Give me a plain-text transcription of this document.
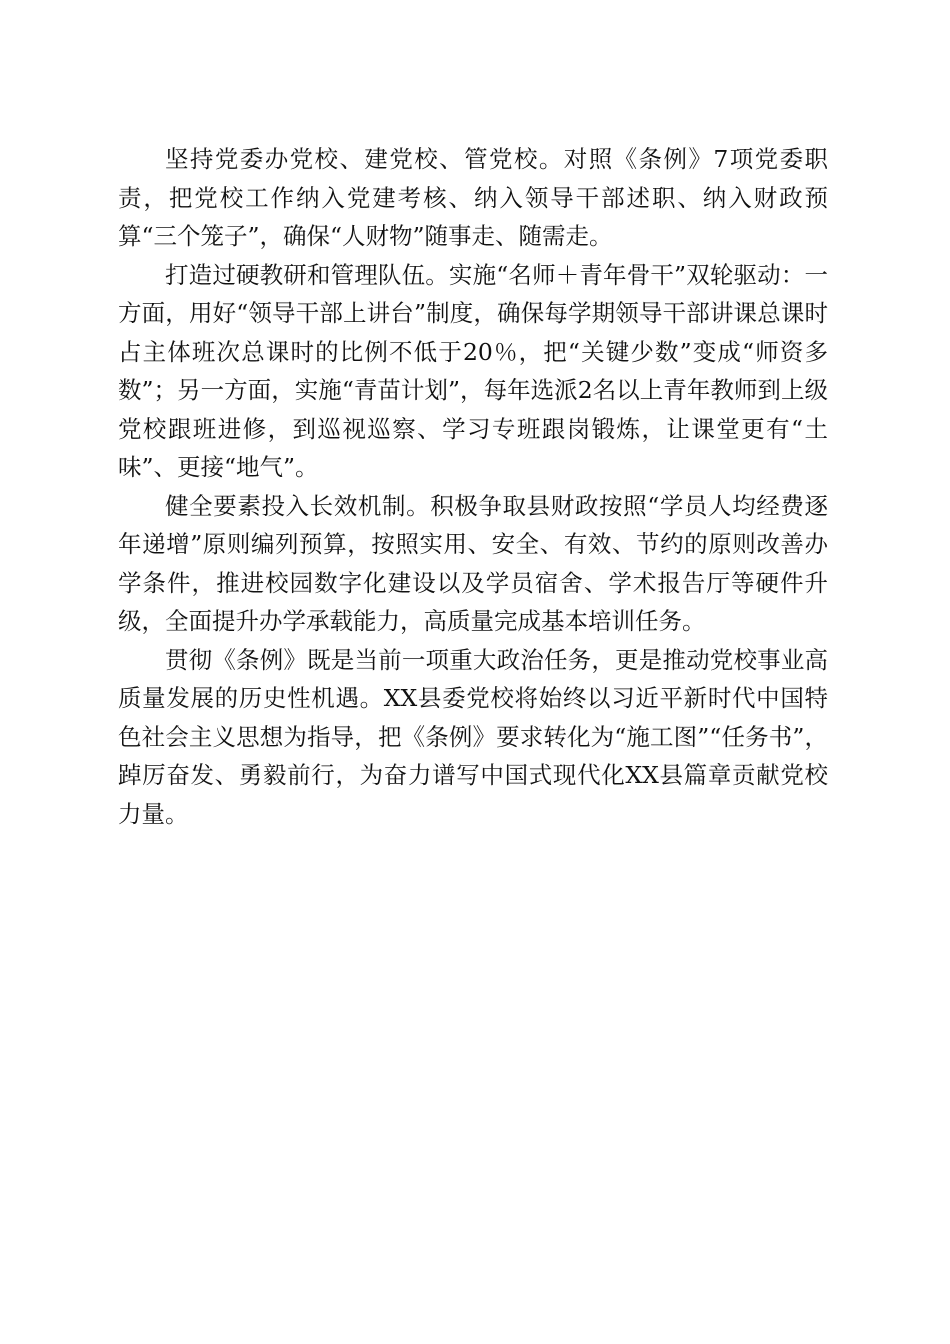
坚持党委办党校、建党校、管党校。对照《条例》7项党委职责，把党校工作纳入党建考核、纳入领导干部述职、纳入财政预算“三个笼子”，确保“人财物”随事走、随需走。

打造过硬教研和管理队伍。实施“名师＋青年骨干”双轮驱动：一方面，用好“领导干部上讲台”制度，确保每学期领导干部讲课总课时占主体班次总课时的比例不低于20％，把“关键少数”变成“师资多数”；另一方面，实施“青苗计划”，每年选派2名以上青年教师到上级党校跟班进修，到巡视巡察、学习专班跟岗锻炼，让课堂更有“土味”、更接“地气”。

健全要素投入长效机制。积极争取县财政按照“学员人均经费逐年递增”原则编列预算，按照实用、安全、有效、节约的原则改善办学条件，推进校园数字化建设以及学员宿舍、学术报告厅等硬件升级，全面提升办学承载能力，高质量完成基本培训任务。

贯彻《条例》既是当前一项重大政治任务，更是推动党校事业高质量发展的历史性机遇。XX县委党校将始终以习近平新时代中国特色社会主义思想为指导，把《条例》要求转化为“施工图”“任务书”，踔厉奋发、勇毅前行，为奋力谱写中国式现代化XX县篇章贡献党校力量。
